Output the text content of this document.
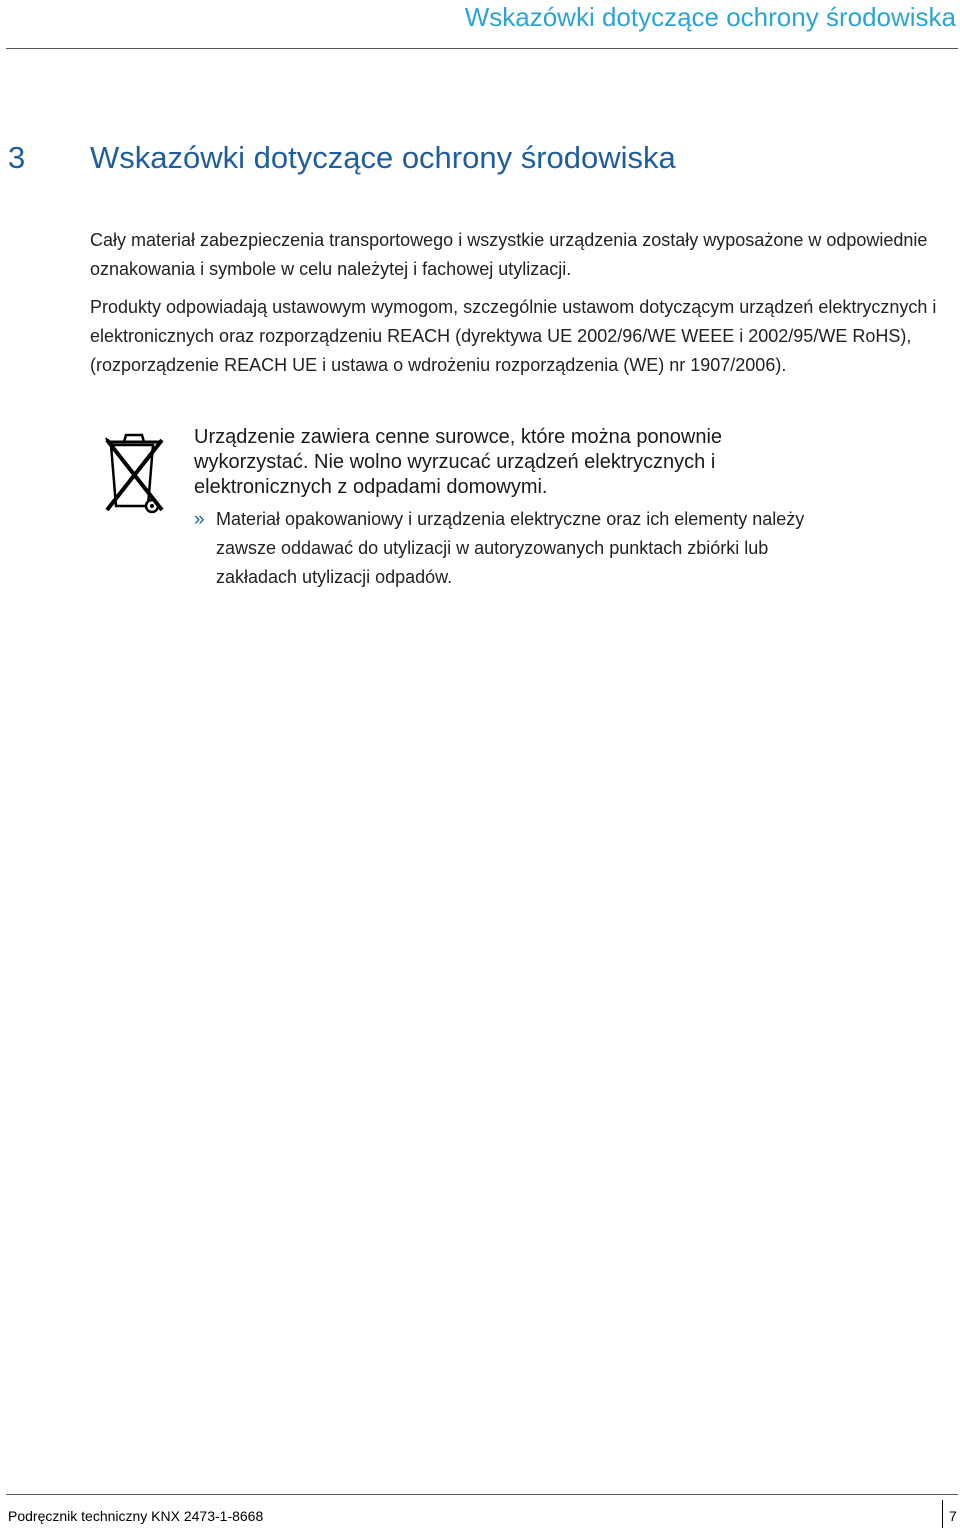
Wskazówki dotyczące ochrony środowiska
3 Wskazówki dotyczące ochrony środowiska

Cały materiał zabezpieczenia transportowego i wszystkie urządzenia zostały wyposażone w odpowiednie oznakowania i symbole w celu należytej i fachowej utylizacji.

Produkty odpowiadają ustawowym wymogom, szczególnie ustawom dotyczącym urządzeń elektrycznych i elektronicznych oraz rozporządzeniu REACH (dyrektywa UE 2002/96/WE WEEE i 2002/95/WE RoHS), (rozporządzenie REACH UE i ustawa o wdrożeniu rozporządzenia (WE) nr 1907/2006).

Urządzenie zawiera cenne surowce, które można ponownie wykorzystać. Nie wolno wyrzucać urządzeń elektrycznych i elektronicznych z odpadami domowymi.

» Materiał opakowaniowy i urządzenia elektryczne oraz ich elementy należy zawsze oddawać do utylizacji w autoryzowanych punktach zbiórki lub zakładach utylizacji odpadów.
Podręcznik techniczny KNX 2473-1-8668	7
